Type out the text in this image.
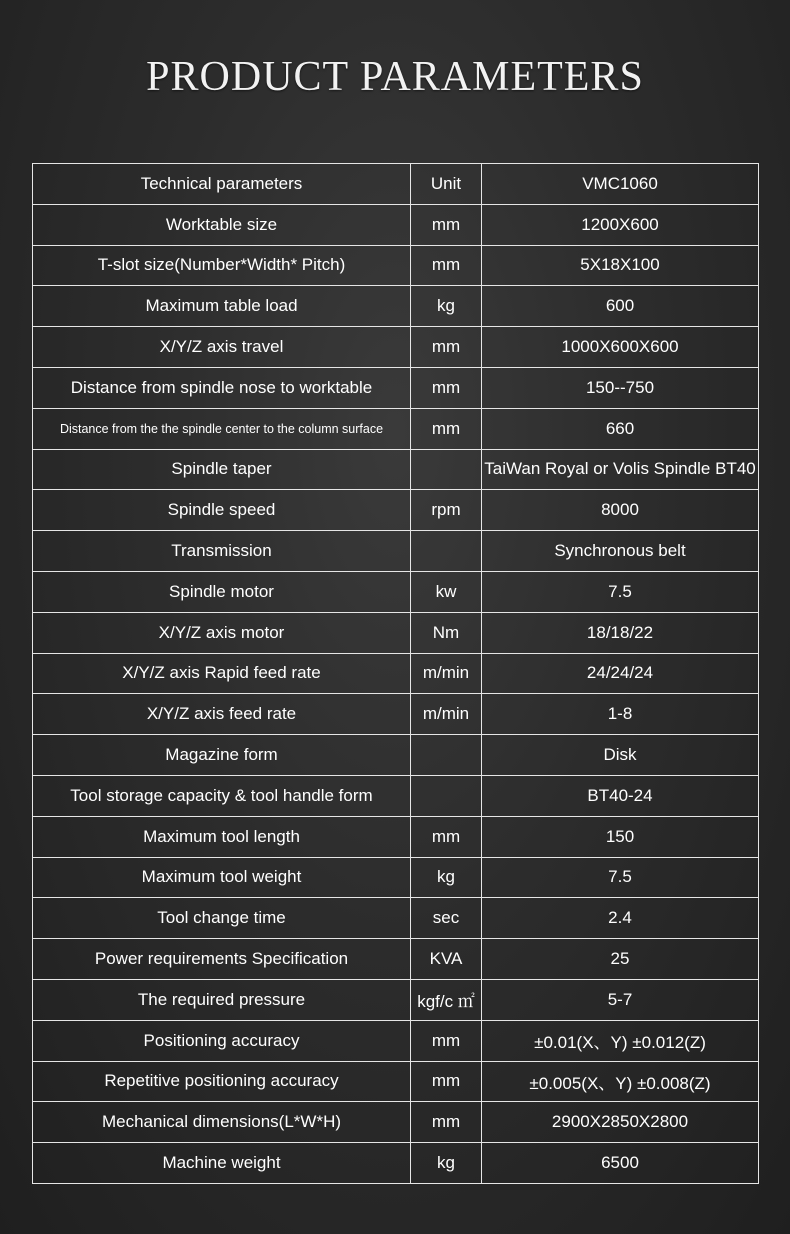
PRODUCT PARAMETERS
Technical parameters	Unit	VMC1060
Worktable size	mm	1200X600
T-slot size(Number*Width* Pitch)	mm	5X18X100
Maximum table load	kg	600
X/Y/Z axis travel	mm	1000X600X600
Distance from spindle nose to worktable	mm	150--750
Distance from the the spindle center to the column surface	mm	660
Spindle taper		TaiWan Royal or Volis Spindle BT40
Spindle speed	rpm	8000
Transmission		Synchronous belt
Spindle motor	kw	7.5
X/Y/Z axis motor	Nm	18/18/22
X/Y/Z axis Rapid feed rate	m/min	24/24/24
X/Y/Z axis feed rate	m/min	1-8
Magazine form		Disk
Tool storage capacity & tool handle form		BT40-24
Maximum tool length	mm	150
Maximum tool weight	kg	7.5
Tool change time	sec	2.4
Power requirements Specification	KVA	25
The required pressure	kgf/c ㎡	5-7
Positioning accuracy	mm	±0.01(X、Y) ±0.012(Z)
Repetitive positioning accuracy	mm	±0.005(X、Y) ±0.008(Z)
Mechanical dimensions(L*W*H)	mm	2900X2850X2800
Machine weight	kg	6500
